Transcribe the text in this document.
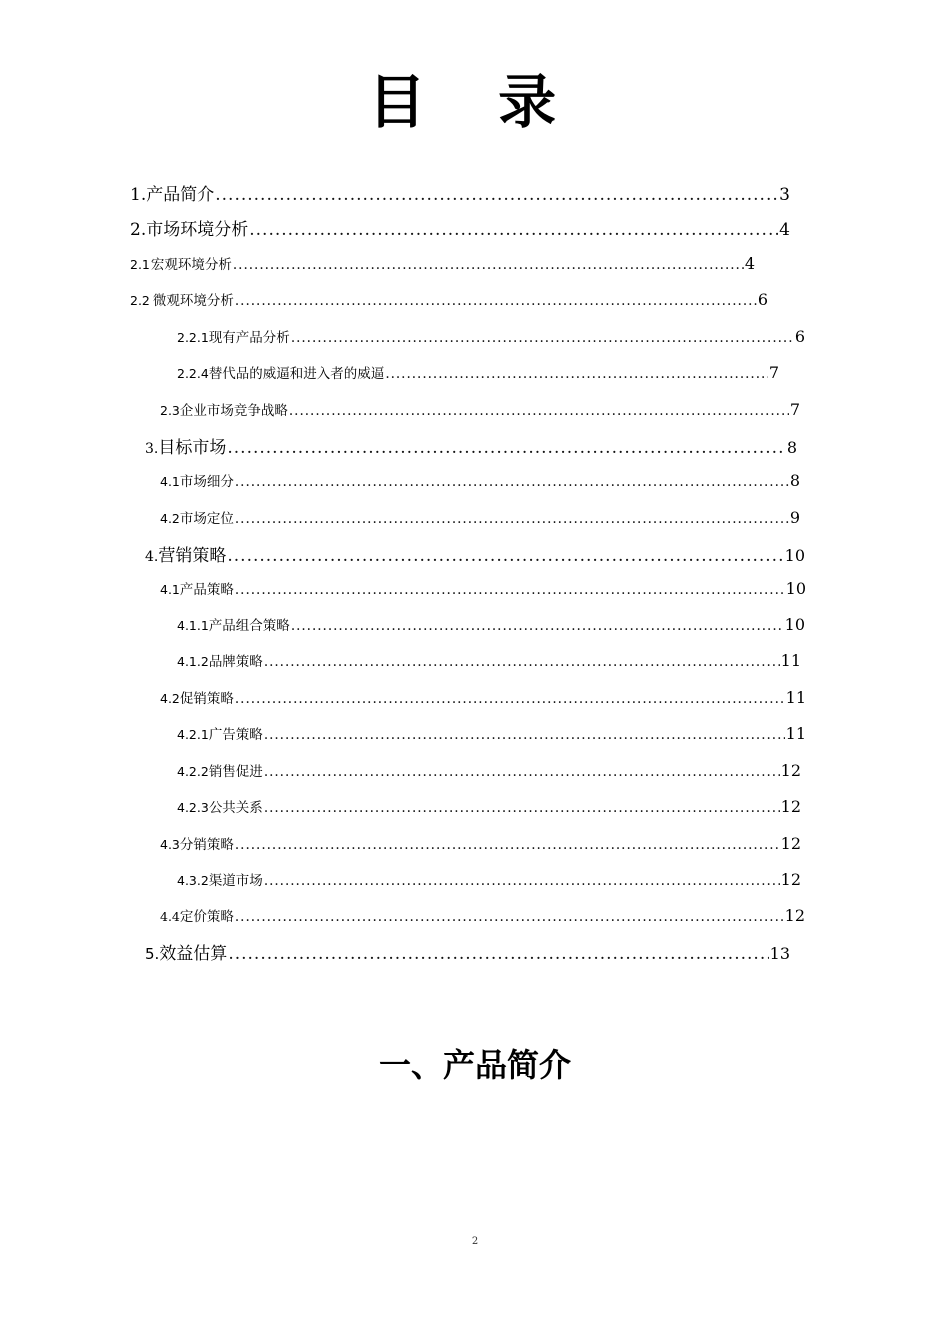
目 录
1. 产品简介 .....	3
2. 市场环境分析 .....	4
2.1 宏观环境分析 .....	4
2.2 微观环境分析 .....	6
2.2.1 现有产品分析 .....	6
2.2.4 替代品的威逼和进入者的威逼 .....	7
2.3 企业市场竞争战略 .....	7
3. 目标市场 .....	8
4.1 市场细分 .....	8
4.2 市场定位 .....	9
4. 营销策略 .....	10
4.1 产品策略 .....	10
4.1.1 产品组合策略 .....	10
4.1.2 品牌策略 .....	11
4.2 促销策略 .....	11
4.2.1 广告策略 .....	11
4.2.2 销售促进 .....	12
4.2.3 公共关系 .....	12
4.3 分销策略 .....	12
4.3.2 渠道市场 .....	12
4.4 定价策略 .....	12
5. 效益估算 .....	13
一、产品简介
2
